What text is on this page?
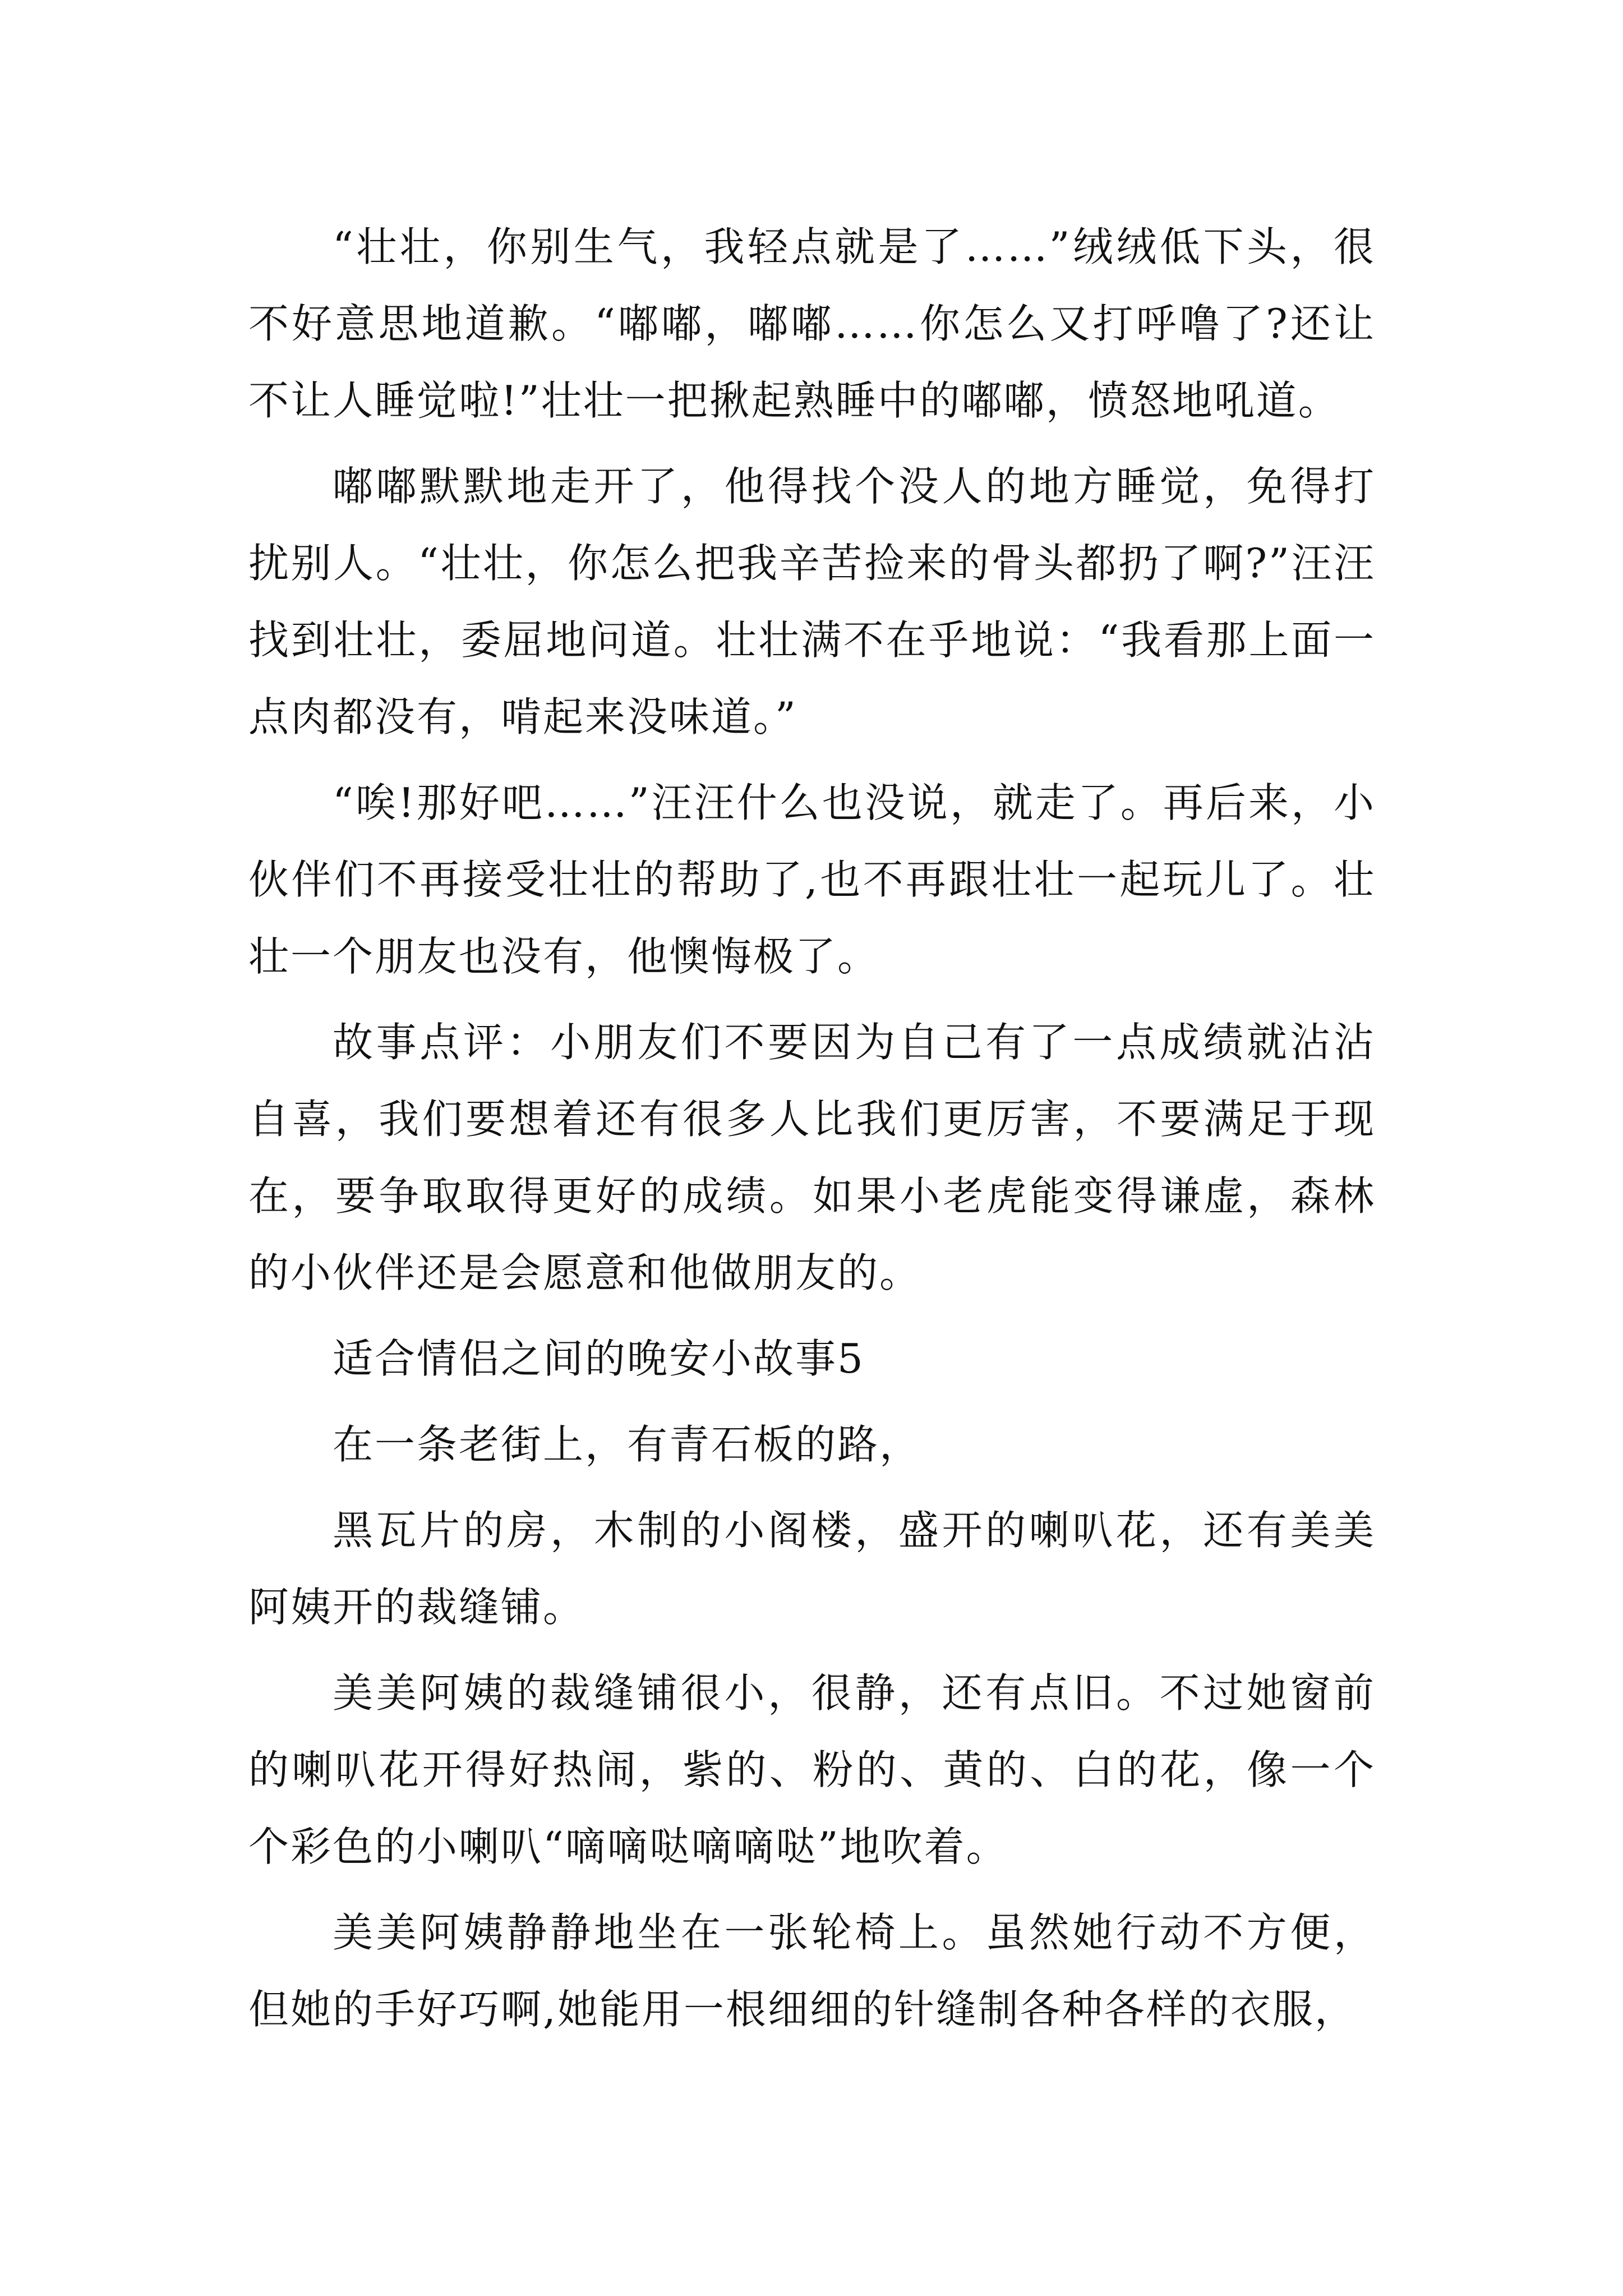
“壮壮，你别生气，我轻点就是了……”绒绒低下头，很不好意思地道歉。“嘟嘟，嘟嘟……你怎么又打呼噜了?还让不让人睡觉啦!”壮壮一把揪起熟睡中的嘟嘟，愤怒地吼道。

嘟嘟默默地走开了，他得找个没人的地方睡觉，免得打扰别人。“壮壮，你怎么把我辛苦捡来的骨头都扔了啊?”汪汪找到壮壮，委屈地问道。壮壮满不在乎地说：“我看那上面一点肉都没有，啃起来没味道。”

“唉!那好吧……”汪汪什么也没说，就走了。再后来，小伙伴们不再接受壮壮的帮助了,也不再跟壮壮一起玩儿了。壮壮一个朋友也没有，他懊悔极了。

故事点评：小朋友们不要因为自己有了一点成绩就沾沾自喜，我们要想着还有很多人比我们更厉害，不要满足于现在，要争取取得更好的成绩。如果小老虎能变得谦虚，森林的小伙伴还是会愿意和他做朋友的。

适合情侣之间的晚安小故事5

在一条老街上，有青石板的路，

黑瓦片的房，木制的小阁楼，盛开的喇叭花，还有美美阿姨开的裁缝铺。

美美阿姨的裁缝铺很小，很静，还有点旧。不过她窗前的喇叭花开得好热闹，紫的、粉的、黄的、白的花，像一个个彩色的小喇叭“嘀嘀哒嘀嘀哒”地吹着。

美美阿姨静静地坐在一张轮椅上。虽然她行动不方便，但她的手好巧啊,她能用一根细细的针缝制各种各样的衣服，
